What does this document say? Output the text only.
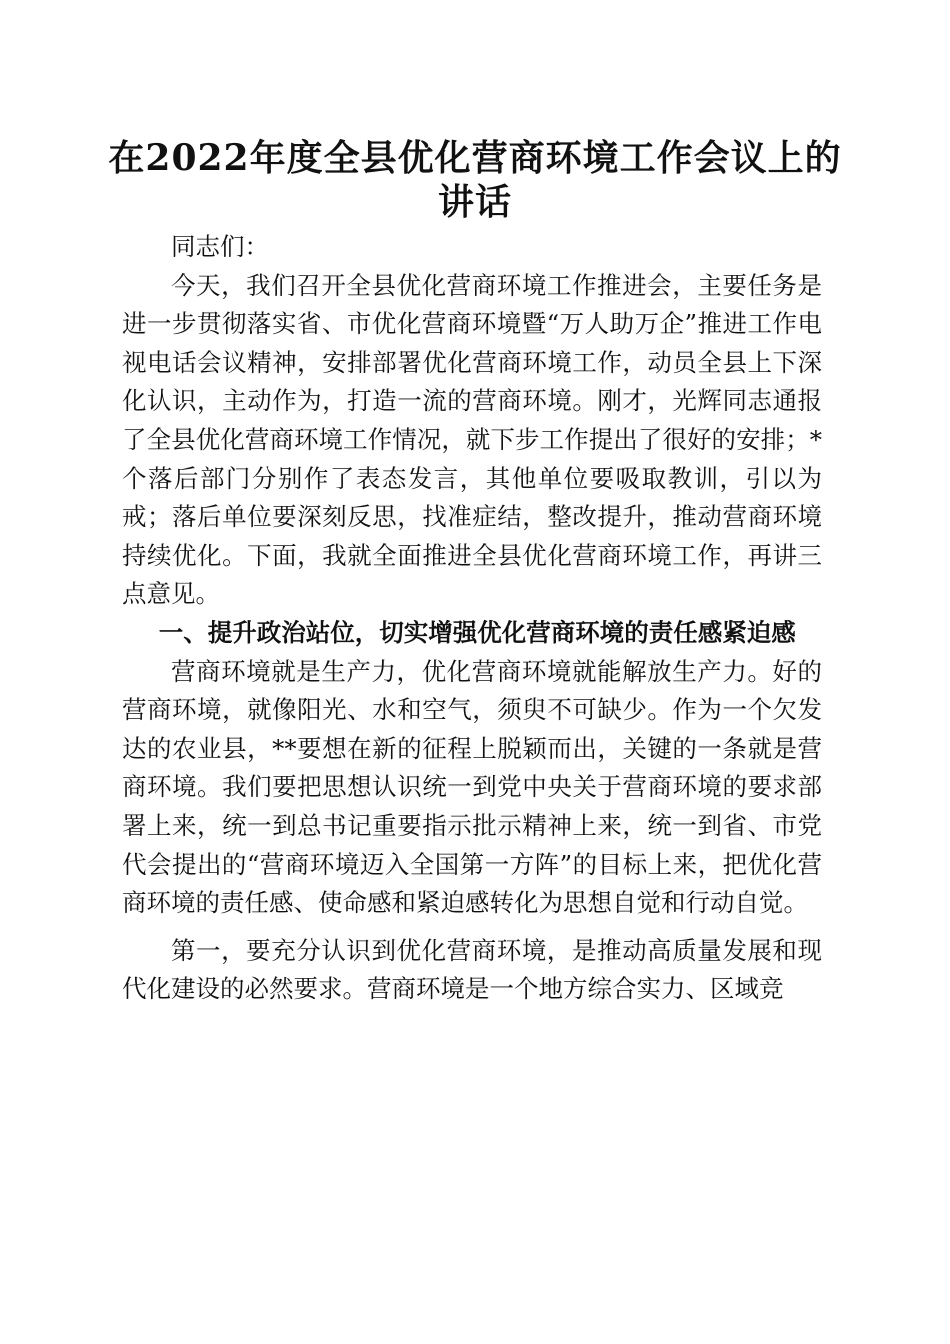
在2022年度全县优化营商环境工作会议上的讲话

同志们：

今天，我们召开全县优化营商环境工作推进会，主要任务是进一步贯彻落实省、市优化营商环境暨“万人助万企”推进工作电视电话会议精神，安排部署优化营商环境工作，动员全县上下深化认识，主动作为，打造一流的营商环境。刚才，光辉同志通报了全县优化营商环境工作情况，就下步工作提出了很好的安排；*个落后部门分别作了表态发言，其他单位要吸取教训，引以为戒；落后单位要深刻反思，找准症结，整改提升，推动营商环境持续优化。下面，我就全面推进全县优化营商环境工作，再讲三点意见。

一、提升政治站位，切实增强优化营商环境的责任感紧迫感

营商环境就是生产力，优化营商环境就能解放生产力。好的营商环境，就像阳光、水和空气，须臾不可缺少。作为一个欠发达的农业县，**要想在新的征程上脱颖而出，关键的一条就是营商环境。我们要把思想认识统一到党中央关于营商环境的要求部署上来，统一到总书记重要指示批示精神上来，统一到省、市党代会提出的“营商环境迈入全国第一方阵”的目标上来，把优化营商环境的责任感、使命感和紧迫感转化为思想自觉和行动自觉。

第一，要充分认识到优化营商环境，是推动高质量发展和现代化建设的必然要求。营商环境是一个地方综合实力、区域竞
